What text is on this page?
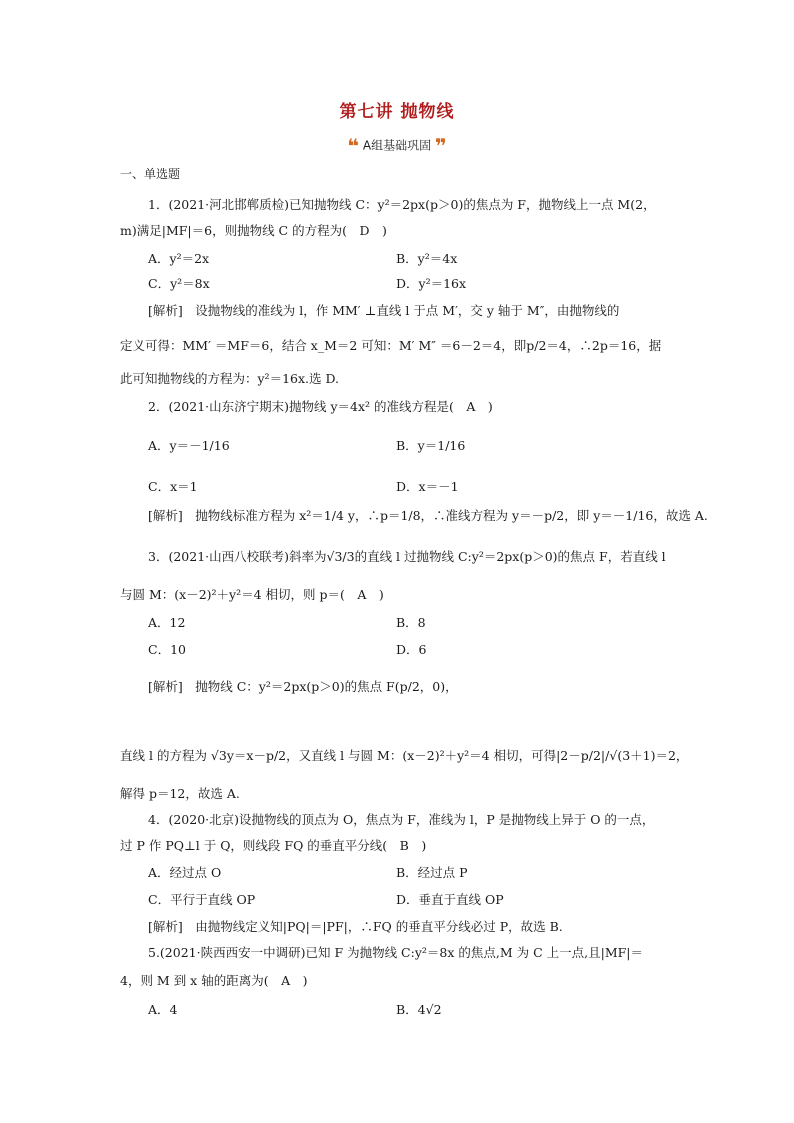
第七讲 抛物线
❝ A组基础巩固 ❞
一、单选题
1．(2021·河北邯郸质检)已知抛物线 C：y²＝2px(p＞0)的焦点为 F，抛物线上一点 M(2，
m)满足|MF|＝6，则抛物线 C 的方程为(　D　)
A．y²＝2x	B．y²＝4x
C．y²＝8x	D．y²＝16x
[解析]　设抛物线的准线为 l，作 MM′ ⊥直线 l 于点 M′，交 y 轴于 M″，由抛物线的
定义可得：MM′ ＝MF＝6，结合 x_M＝2 可知：M′ M″ ＝6－2＝4，即p/2＝4，∴2p＝16，据
此可知抛物线的方程为：y²＝16x.选 D.
2．(2021·山东济宁期末)抛物线 y＝4x² 的准线方程是(　A　)
A．y＝－1/16	B．y＝1/16
C．x＝1	D．x＝－1
[解析]　抛物线标准方程为 x²＝1/4 y，∴p＝1/8，∴准线方程为 y＝－p/2，即 y＝－1/16，故选 A.
3．(2021·山西八校联考)斜率为√3/3的直线 l 过抛物线 C:y²＝2px(p＞0)的焦点 F，若直线 l
与圆 M：(x－2)²＋y²＝4 相切，则 p＝(　A　)
A．12	B．8
C．10	D．6
[解析]　抛物线 C：y²＝2px(p＞0)的焦点 F(p/2，0)，
直线 l 的方程为 √3y＝x－p/2，又直线 l 与圆 M：(x－2)²＋y²＝4 相切，可得|2－p/2|/√(3＋1)＝2，
解得 p＝12，故选 A.
4．(2020·北京)设抛物线的顶点为 O，焦点为 F，准线为 l，P 是抛物线上异于 O 的一点，
过 P 作 PQ⊥l 于 Q，则线段 FQ 的垂直平分线(　B　)
A．经过点 O	B．经过点 P
C．平行于直线 OP	D．垂直于直线 OP
[解析]　由抛物线定义知|PQ|＝|PF|，∴FQ 的垂直平分线必过 P，故选 B.
5.(2021·陕西西安一中调研)已知 F 为抛物线 C:y²＝8x 的焦点,M 为 C 上一点,且|MF|＝
4，则 M 到 x 轴的距离为(　A　)
A．4	B．4√2
